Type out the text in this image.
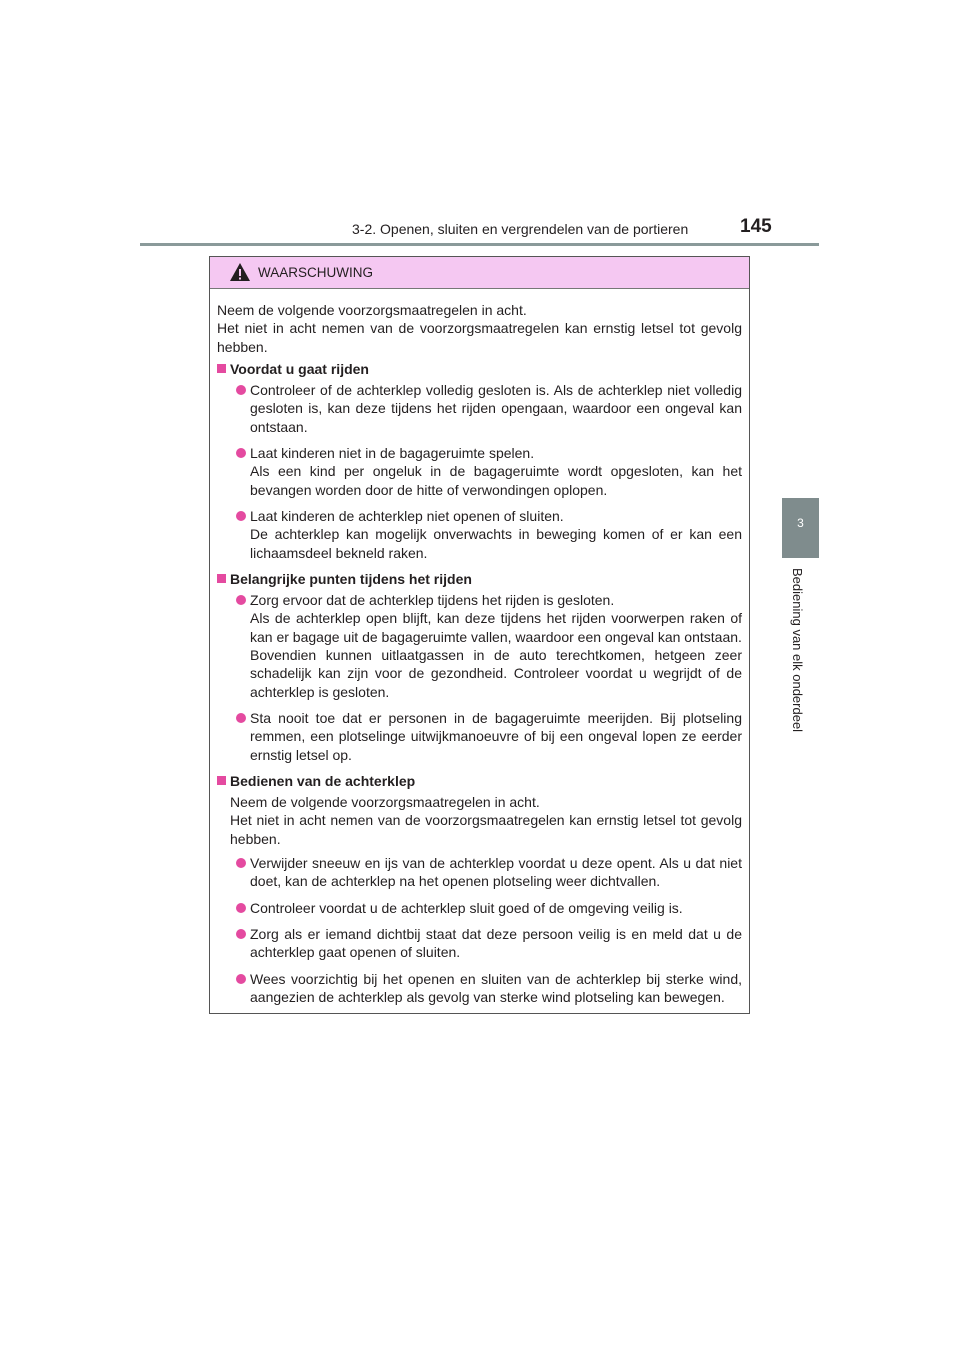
3-2. Openen, sluiten en vergrendelen van de portieren	145
3
Bediening van elk onderdeel
WAARSCHUWING
Neem de volgende voorzorgsmaatregelen in acht.
Het niet in acht nemen van de voorzorgsmaatregelen kan ernstig letsel tot gevolg hebben.
Voordat u gaat rijden
Controleer of de achterklep volledig gesloten is. Als de achterklep niet volledig gesloten is, kan deze tijdens het rijden opengaan, waardoor een ongeval kan ontstaan.
Laat kinderen niet in de bagageruimte spelen.
Als een kind per ongeluk in de bagageruimte wordt opgesloten, kan het bevangen worden door de hitte of verwondingen oplopen.
Laat kinderen de achterklep niet openen of sluiten.
De achterklep kan mogelijk onverwachts in beweging komen of er kan een lichaamsdeel bekneld raken.
Belangrijke punten tijdens het rijden
Zorg ervoor dat de achterklep tijdens het rijden is gesloten.
Als de achterklep open blijft, kan deze tijdens het rijden voorwerpen raken of kan er bagage uit de bagageruimte vallen, waardoor een ongeval kan ontstaan.
Bovendien kunnen uitlaatgassen in de auto terechtkomen, hetgeen zeer schadelijk kan zijn voor de gezondheid. Controleer voordat u wegrijdt of de achterklep is gesloten.
Sta nooit toe dat er personen in de bagageruimte meerijden. Bij plotseling remmen, een plotselinge uitwijkmanoeuvre of bij een ongeval lopen ze eerder ernstig letsel op.
Bedienen van de achterklep
Neem de volgende voorzorgsmaatregelen in acht.
Het niet in acht nemen van de voorzorgsmaatregelen kan ernstig letsel tot gevolg hebben.
Verwijder sneeuw en ijs van de achterklep voordat u deze opent. Als u dat niet doet, kan de achterklep na het openen plotseling weer dichtvallen.
Controleer voordat u de achterklep sluit goed of de omgeving veilig is.
Zorg als er iemand dichtbij staat dat deze persoon veilig is en meld dat u de achterklep gaat openen of sluiten.
Wees voorzichtig bij het openen en sluiten van de achterklep bij sterke wind, aangezien de achterklep als gevolg van sterke wind plotseling kan bewegen.
